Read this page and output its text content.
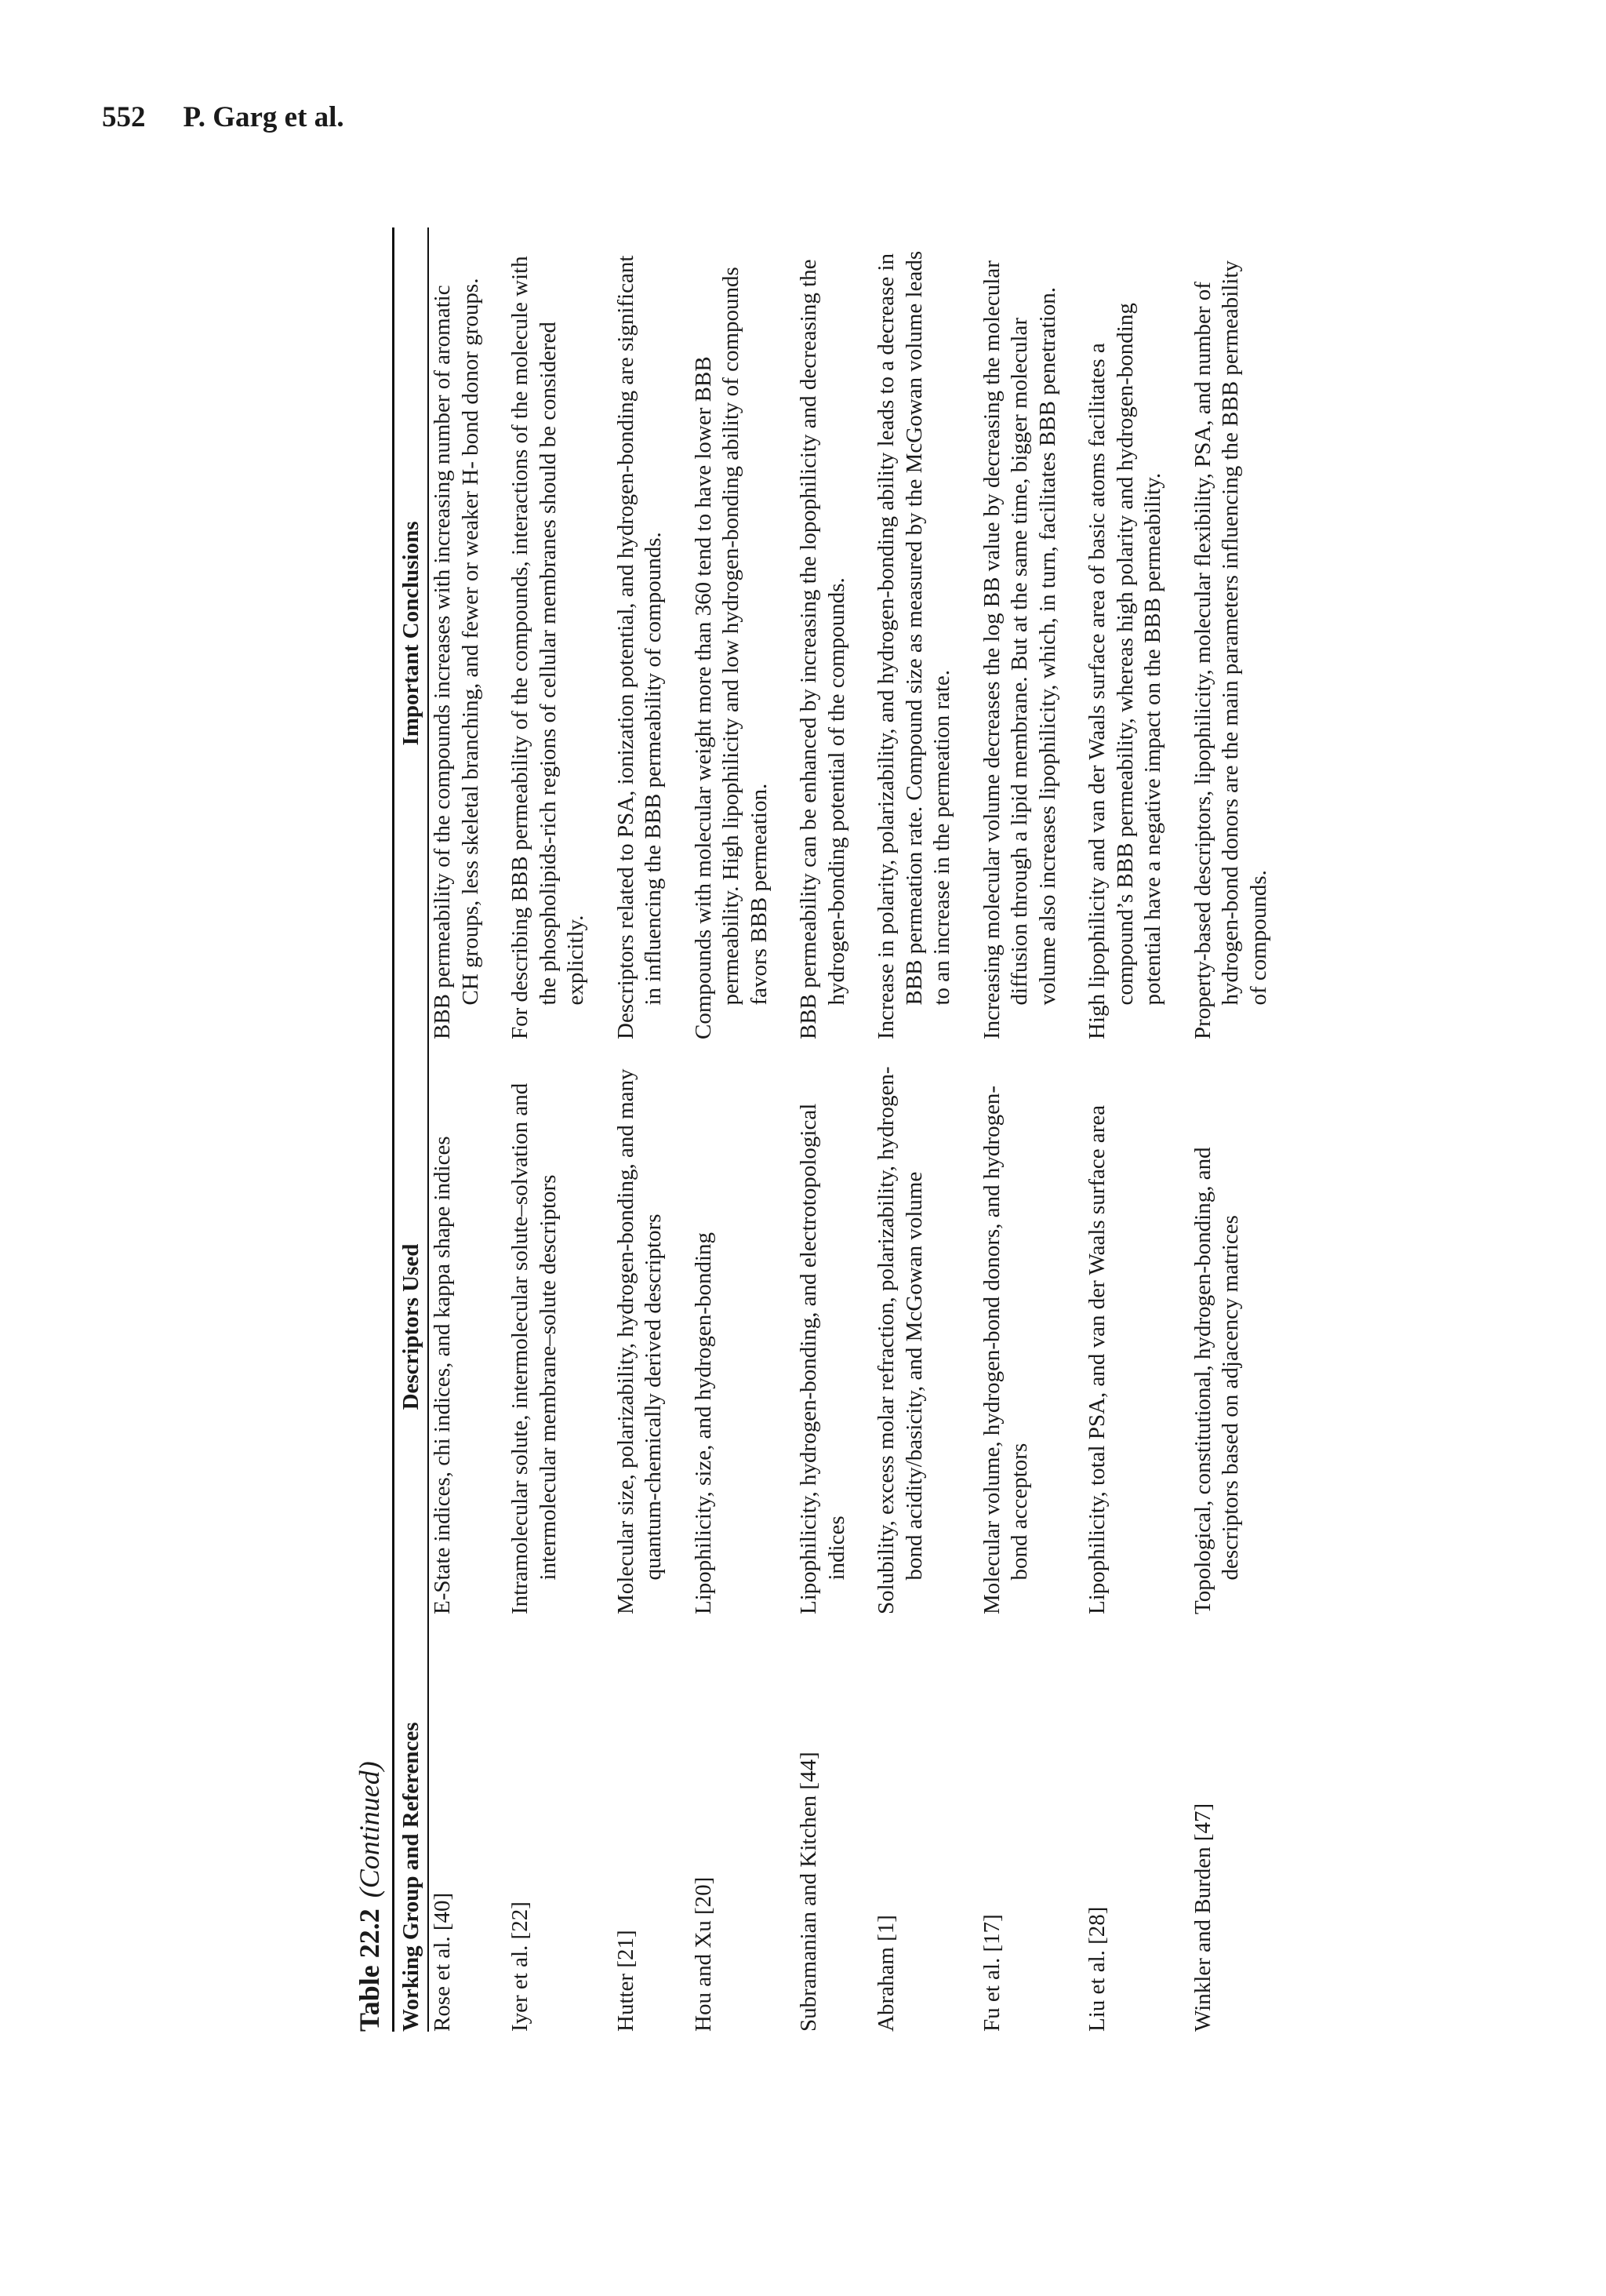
552 P. Garg et al.
Table 22.2(Continued) Working Group and References
Descriptors Used
Important Conclusions
Rose et al. [40]
E-State indices, chi indices, and kappa shape indices
BBB permeability of the compounds increases with increasing number of aromatic CH groups, less skeletal branching, and fewer or weaker H- bond donor groups.
Iyer et al. [22]
Intramolecular solute, intermolecular solute–solvation and intermolecular membrane–solute descriptors
For describing BBB permeability of the compounds, interactions of the molecule with the phospholipids-rich regions of cellular membranes should be considered explicitly.
Hutter [21]
Molecular size, polarizability, hydrogen-bonding, and many quantum-chemically derived descriptors
Descriptors related to PSA, ionization potential, and hydrogen-bonding are significant in influencing the BBB permeability of compounds.
Hou and Xu [20]
Lipophilicity, size, and hydrogen-bonding
Compounds with molecular weight more than 360 tend to have lower BBB permeability. High lipophilicity and low hydrogen-bonding ability of compounds favors BBB permeation.
Subramanian and Kitchen [44]
Lipophilicity, hydrogen-bonding, and electrotopological indices
BBB permeability can be enhanced by increasing the lopophilicity and decreasing the hydrogen-bonding potential of the compounds.
Abraham [1]
Solubility, excess molar refraction, polarizability, hydrogen-bond acidity/basicity, and McGowan volume
Increase in polarity, polarizability, and hydrogen-bonding ability leads to a decrease in BBB permeation rate. Compound size as measured by the McGowan volume leads to an increase in the permeation rate.
Fu et al. [17]
Molecular volume, hydrogen-bond donors, and hydrogen-bond acceptors
Increasing molecular volume decreases the log BB value by decreasing the molecular diffusion through a lipid membrane. But at the same time, bigger molecular volume also increases lipophilicity, which, in turn, facilitates BBB penetration.
Liu et al. [28]
Lipophilicity, total PSA, and van der Waals surface area
High lipophilicity and van der Waals surface area of basic atoms facilitates a compound’s BBB permeability, whereas high polarity and hydrogen-bonding potential have a negative impact on the BBB permeability.
Winkler and Burden [47]
Topological, constitutional, hydrogen-bonding, and descriptors based on adjacency matrices
Property-based descriptors, lipophilicity, molecular flexibility, PSA, and number of hydrogen-bond donors are the main parameters influencing the BBB permeability of compounds.
